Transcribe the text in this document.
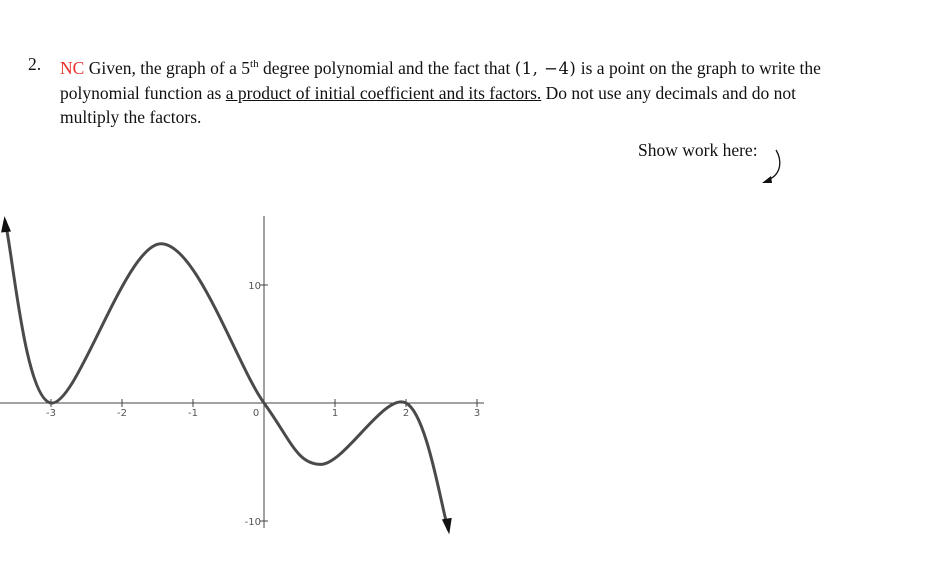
2. NC Given, the graph of a 5th degree polynomial and the fact that (1, −4) is a point on the graph to write the polynomial function as a product of initial coefficient and its factors. Do not use any decimals and do not multiply the factors.
Show work here:
-3	-2	-1	0	1	2	3
10
-10
